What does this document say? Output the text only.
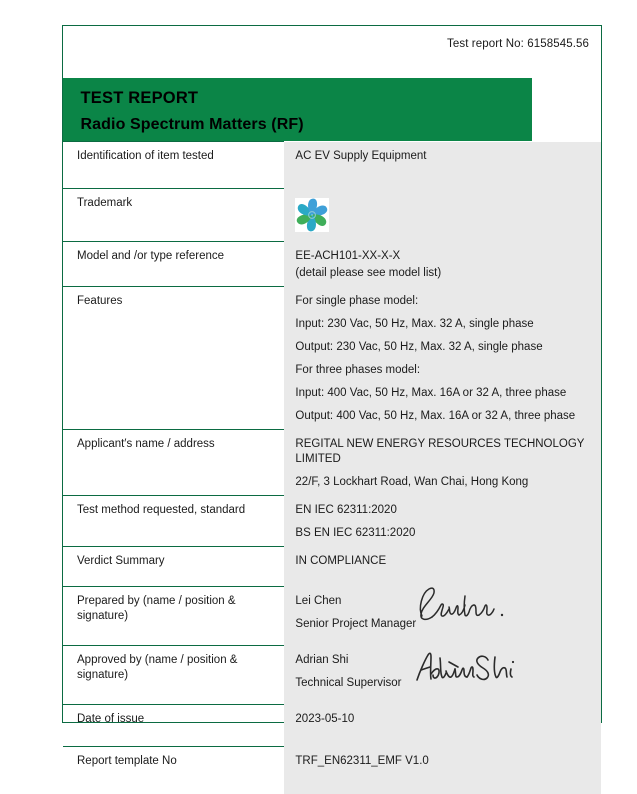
Test report No: 6158545.56
TEST REPORT
Radio Spectrum Matters (RF)
Identification of item tested	AC EV Supply Equipment

Trademark

Model and /or type reference	EE-ACH101-XX-X-X
(detail please see model list)

Features	For single phase model:
Input: 230 Vac, 50 Hz, Max. 32 A, single phase
Output: 230 Vac, 50 Hz, Max. 32 A, single phase
For three phases model:
Input: 400 Vac, 50 Hz, Max. 16A or 32 A, three phase
Output: 400 Vac, 50 Hz, Max. 16A or 32 A, three phase

Applicant′s name / address	REGITAL NEW ENERGY RESOURCES TECHNOLOGY LIMITED
22/F, 3 Lockhart Road, Wan Chai, Hong Kong

Test method requested, standard	EN IEC 62311:2020
BS EN IEC 62311:2020

Verdict Summary	IN COMPLIANCE

Prepared by (name / position & signature)	Lei Chen
Senior Project Manager

Approved by (name / position & signature)	Adrian Shi
Technical Supervisor

Date of issue	2023-05-10

Report template No	TRF_EN62311_EMF V1.0
